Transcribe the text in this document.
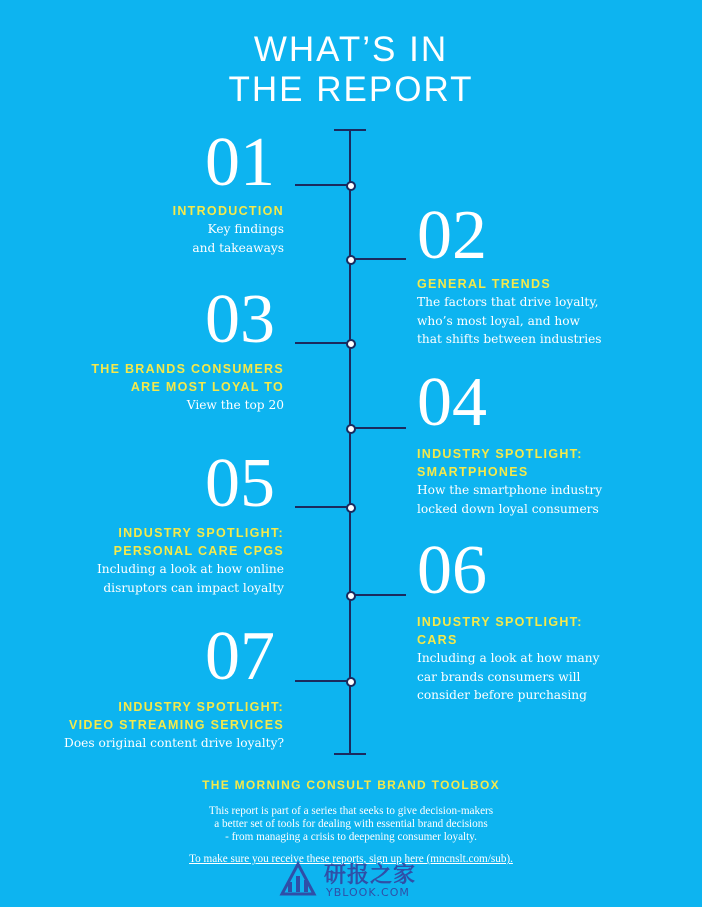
WHAT’S IN
THE REPORT
01
INTRODUCTION
Key findings
and takeaways 02
GENERAL TRENDS
The factors that drive loyalty,
who’s most loyal, and how
that shifts between industries
03
THE BRANDS CONSUMERS
ARE MOST LOYAL TO
View the top 20 04
INDUSTRY SPOTLIGHT:
SMARTPHONES
How the smartphone industry
locked down loyal consumers
05
INDUSTRY SPOTLIGHT:
PERSONAL CARE CPGS
Including a look at how online
disruptors can impact loyalty 06
INDUSTRY SPOTLIGHT:
CARS
Including a look at how many
car brands consumers will
consider before purchasing
07
INDUSTRY SPOTLIGHT:
VIDEO STREAMING SERVICES
Does original content drive loyalty?
THE MORNING CONSULT BRAND TOOLBOX
This report is part of a series that seeks to give decision-makers
a better set of tools for dealing with essential brand decisions
- from managing a crisis to deepening consumer loyalty.
To make sure you receive these reports, sign up here (mncnslt.com/sub).
研报之家
YBLOOK.COM
